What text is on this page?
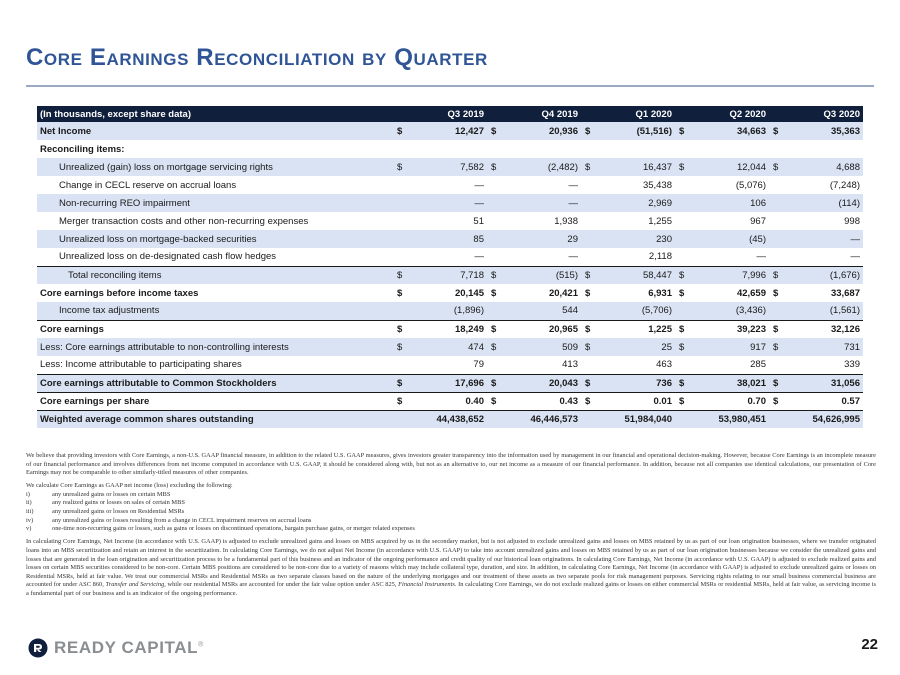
Core Earnings Reconciliation by Quarter
(In thousands, except share data)		Q3 2019		Q4 2019		Q1 2020		Q2 2020		Q3 2020
Net Income	$	12,427	$	20,936	$	(51,516)	$	34,663	$	35,363
Reconciling items:										
Unrealized (gain) loss on mortgage servicing rights	$	7,582	$	(2,482)	$	16,437	$	12,044	$	4,688
Change in CECL reserve on accrual loans		—		—		35,438		(5,076)		(7,248)
Non-recurring REO impairment		—		—		2,969		106		(114)
Merger transaction costs and other non-recurring expenses		51		1,938		1,255		967		998
Unrealized loss on mortgage-backed securities		85		29		230		(45)		—
Unrealized loss on de-designated cash flow hedges		—		—		2,118		—		—
Total reconciling items	$	7,718	$	(515)	$	58,447	$	7,996	$	(1,676)
Core earnings before income taxes	$	20,145	$	20,421	$	6,931	$	42,659	$	33,687
Income tax adjustments		(1,896)		544		(5,706)		(3,436)		(1,561)
Core earnings	$	18,249	$	20,965	$	1,225	$	39,223	$	32,126
Less: Core earnings attributable to non-controlling interests	$	474	$	509	$	25	$	917	$	731
Less: Income attributable to participating shares		79		413		463		285		339
Core earnings attributable to Common Stockholders	$	17,696	$	20,043	$	736	$	38,021	$	31,056
Core earnings per share	$	0.40	$	0.43	$	0.01	$	0.70	$	0.57
Weighted average common shares outstanding		44,438,652		46,446,573		51,984,040		53,980,451		54,626,995

We believe that providing investors with Core Earnings, a non-U.S. GAAP financial measure, in addition to the related U.S. GAAP measures, gives investors greater transparency into the information used by management in our financial and operational decision-making. However, because Core Earnings is an incomplete measure of our financial performance and involves differences from net income computed in accordance with U.S. GAAP, it should be considered along with, but not as an alternative to, our net income as a measure of our financial performance. In addition, because not all companies use identical calculations, our presentation of Core Earnings may not be comparable to other similarly-titled measures of other companies.

We calculate Core Earnings as GAAP net income (loss) excluding the following:

i)	any unrealized gains or losses on certain MBS
ii)	any realized gains or losses on sales of certain MBS
iii)	any unrealized gains or losses on Residential MSRs
iv)	any unrealized gains or losses resulting from a change in CECL impairment reserves on accrual loans
v)	one-time non-recurring gains or losses, such as gains or losses on discontinued operations, bargain purchase gains, or merger related expenses

In calculating Core Earnings, Net Income (in accordance with U.S. GAAP) is adjusted to exclude unrealized gains and losses on MBS acquired by us in the secondary market, but is not adjusted to exclude unrealized gains and losses on MBS retained by us as part of our loan origination businesses, where we transfer originated loans into an MBS securitization and retain an interest in the securitization. In calculating Core Earnings, we do not adjust Net Income (in accordance with U.S. GAAP) to take into account unrealized gains and losses on MBS retained by us as part of our loan origination businesses because we consider the unrealized gains and losses that are generated in the loan origination and securitization process to be a fundamental part of this business and an indicator of the ongoing performance and credit quality of our historical loan originations. In calculating Core Earnings, Net Income (in accordance with U.S. GAAP) is adjusted to exclude realized gains and losses on certain MBS securities considered to be non-core. Certain MBS positions are considered to be non-core due to a variety of reasons which may include collateral type, duration, and size. In addition, in calculating Core Earnings, Net Income (in accordance with GAAP) is adjusted to exclude unrealized gains or losses on Residential MSRs, held at fair value. We treat our commercial MSRs and Residential MSRs as two separate classes based on the nature of the underlying mortgages and our treatment of these assets as two separate pools for risk management purposes. Servicing rights relating to our small business commercial business are accounted for under ASC 860, Transfer and Servicing, while our residential MSRs are accounted for under the fair value option under ASC 825, Financial Instruments. In calculating Core Earnings, we do not exclude realized gains or losses on either commercial MSRs or residential MSRs, held at fair value, as servicing income is a fundamental part of our business and is an indicator of the ongoing performance.

READY CAPITAL®	22
